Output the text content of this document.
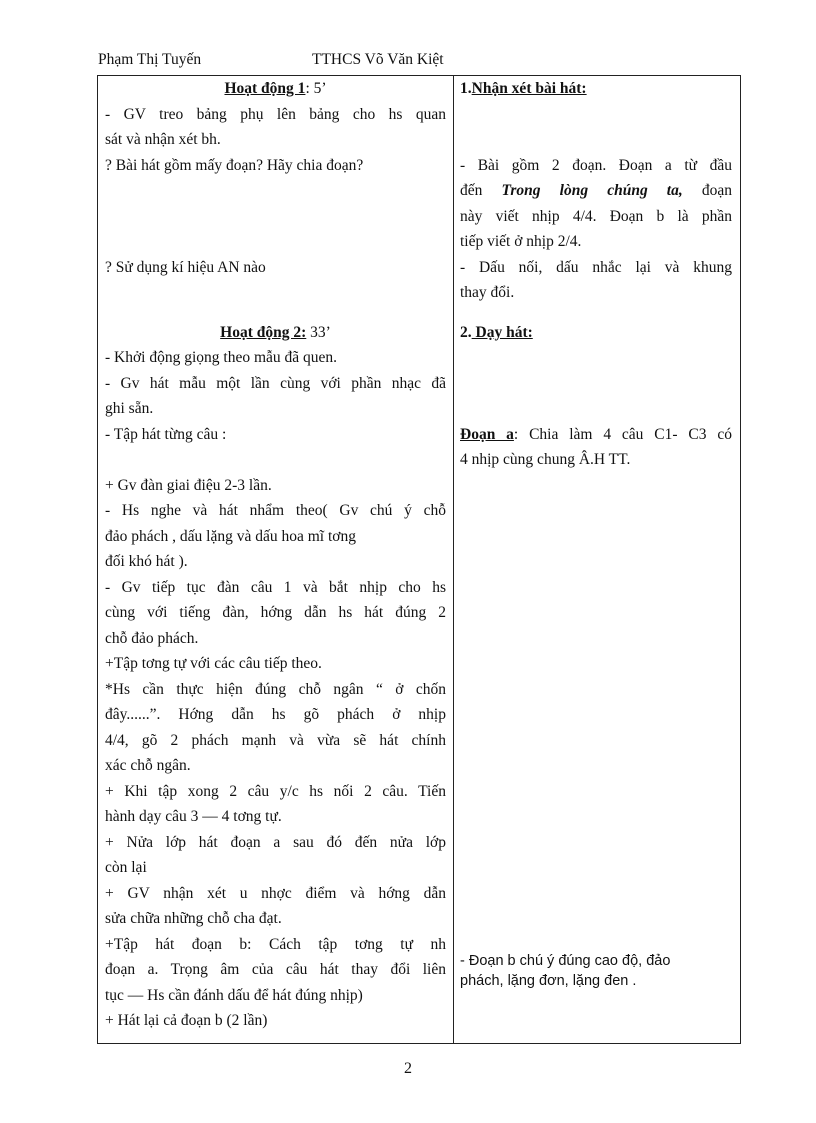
Phạm Thị Tuyến	TTHCS Võ Văn Kiệt
Hoạt động 1: 5’
- GV treo bảng phụ lên bảng cho hs quan
sát và nhận xét bh.
? Bài hát gồm mấy đoạn? Hãy chia đoạn?
? Sử dụng kí hiệu AN nào
Hoạt động 2: 33’
- Khởi động giọng theo mẫu đã quen.
- Gv hát mẫu một lần cùng với phần nhạc đã
ghi sẵn.
- Tập hát từng câu :
+ Gv đàn giai điệu 2-3 lần.
- Hs nghe và hát nhẩm theo( Gv chú ý chỗ
đảo phách , dấu lặng và dấu hoa mĩ tơng
đối khó hát ).
- Gv tiếp tục đàn câu 1 và bắt nhịp cho hs
cùng với tiếng đàn, hớng dẫn hs hát đúng 2
chỗ đảo phách.
+Tập tơng tự với các câu tiếp theo.
*Hs cần thực hiện đúng chỗ ngân “ ở chốn
đây......”. Hớng dẫn hs gõ phách ở nhịp
4/4, gõ 2 phách mạnh và vừa sẽ hát chính
xác chỗ ngân.
+ Khi tập xong 2 câu y/c hs nối 2 câu. Tiến
hành dạy câu 3 — 4 tơng tự.
+ Nửa lớp hát đoạn a sau đó đến nửa lớp
còn lại
+ GV nhận xét u nhợc điểm và hớng dẫn
sửa chữa những chỗ cha đạt.
+Tập hát đoạn b: Cách tập tơng tự nh
đoạn a. Trọng âm của câu hát thay đổi liên
tục — Hs cần đánh dấu để hát đúng nhịp)
+ Hát lại cả đoạn b (2 lần)
1.Nhận xét bài hát:
- Bài gồm 2 đoạn. Đoạn a từ đầu
đến Trong lòng chúng ta, đoạn
này viết nhịp 4/4. Đoạn b là phần
tiếp viết ở nhịp 2/4.
- Dấu nối, dấu nhắc lại và khung
thay đổi.
2. Dạy hát:
Đoạn a: Chia làm 4 câu C1- C3 có
4 nhịp cùng chung Â.H TT.
- Đoạn b chú ý đúng cao độ, đảo
phách, lặng đơn, lặng đen .
2
